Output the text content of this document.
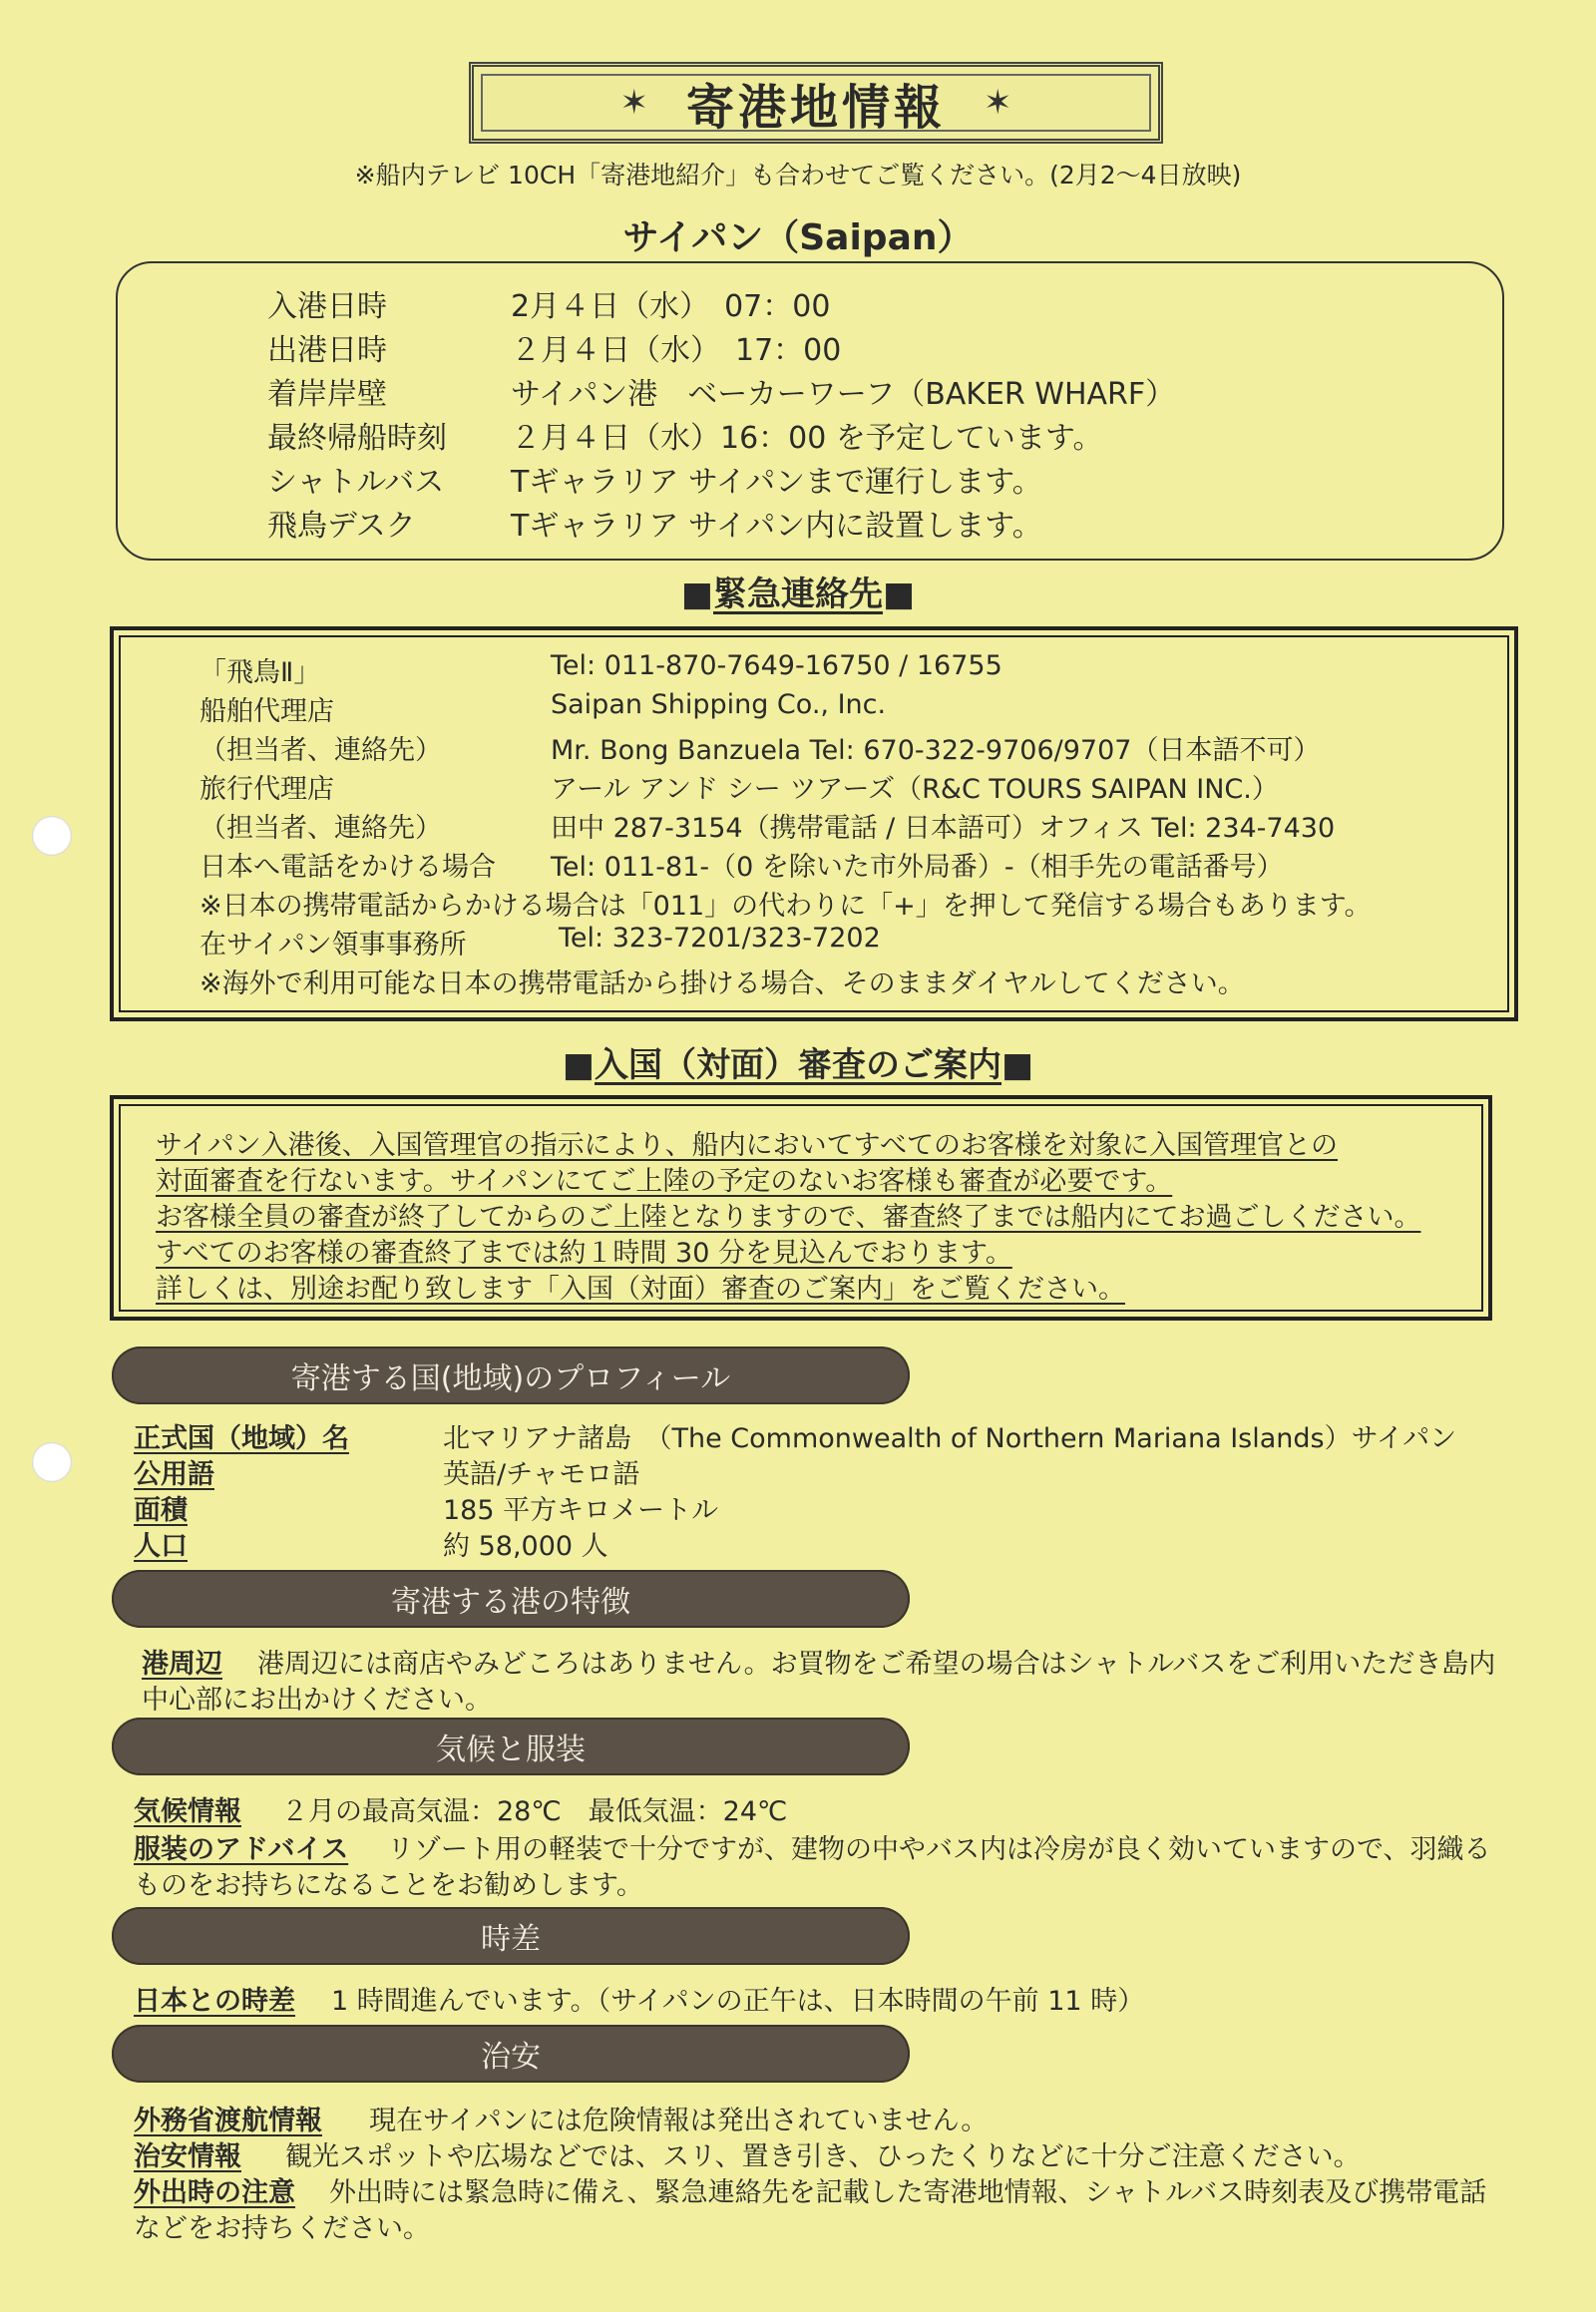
✶ 寄港地情報 ✶
※船内テレビ 10CH「寄港地紹介」も合わせてご覧ください。(2月2〜4日放映)
サイパン（Saipan）
入港日時	2月４日（水）　07：00
出港日時	２月４日（水）　17：00
着岸岸壁	サイパン港　ベーカーワーフ（BAKER WHARF）
最終帰船時刻 ２月４日（水）16：00 を予定しています。
シャトルバス Tギャラリア サイパンまで運行します。
飛鳥デスク	Tギャラリア サイパン内に設置します。
■緊急連絡先■
「飛鳥Ⅱ」	Tel: 011-870-7649-16750 / 16755
船舶代理店	Saipan Shipping Co., Inc.
（担当者、連絡先）	Mr. Bong Banzuela Tel: 670-322-9706/9707（日本語不可）
旅行代理店	アール アンド シー ツアーズ（R&C TOURS SAIPAN INC.）
（担当者、連絡先）	田中 287-3154（携帯電話 / 日本語可）オフィス Tel: 234-7430
日本へ電話をかける場合 Tel: 011-81-（0 を除いた市外局番）-（相手先の電話番号）
※日本の携帯電話からかける場合は「011」の代わりに「+」を押して発信する場合もあります。
在サイパン領事事務所	Tel: 323-7201/323-7202
※海外で利用可能な日本の携帯電話から掛ける場合、そのままダイヤルしてください。
■入国（対面）審査のご案内■
サイパン入港後、入国管理官の指示により、船内においてすべてのお客様を対象に入国管理官との
対面審査を行ないます。サイパンにてご上陸の予定のないお客様も審査が必要です。
お客様全員の審査が終了してからのご上陸となりますので、審査終了までは船内にてお過ごしください。
すべてのお客様の審査終了までは約１時間 30 分を見込んでおります。
詳しくは、別途お配り致します「入国（対面）審査のご案内」をご覧ください。
寄港する国(地域)のプロフィール
正式国（地域）名	北マリアナ諸島　（The Commonwealth of Northern Mariana Islands）サイパン
公用語	英語/チャモロ語
面積	185 平方キロメートル
人口	約 58,000 人
寄港する港の特徴
港周辺 港周辺には商店やみどころはありません。お買物をご希望の場合はシャトルバスをご利用いただき島内
中心部にお出かけください。
気候と服装
気候情報 ２月の最高気温：28℃　最低気温：24℃
服装のアドバイス リゾート用の軽装で十分ですが、建物の中やバス内は冷房が良く効いていますので、羽織る
ものをお持ちになることをお勧めします。
時差
日本との時差 1 時間進んでいます。（サイパンの正午は、日本時間の午前 11 時）
治安
外務省渡航情報 現在サイパンには危険情報は発出されていません。
治安情報 観光スポットや広場などでは、スリ、置き引き、ひったくりなどに十分ご注意ください。
外出時の注意 外出時には緊急時に備え、緊急連絡先を記載した寄港地情報、シャトルバス時刻表及び携帯電話
などをお持ちください。
